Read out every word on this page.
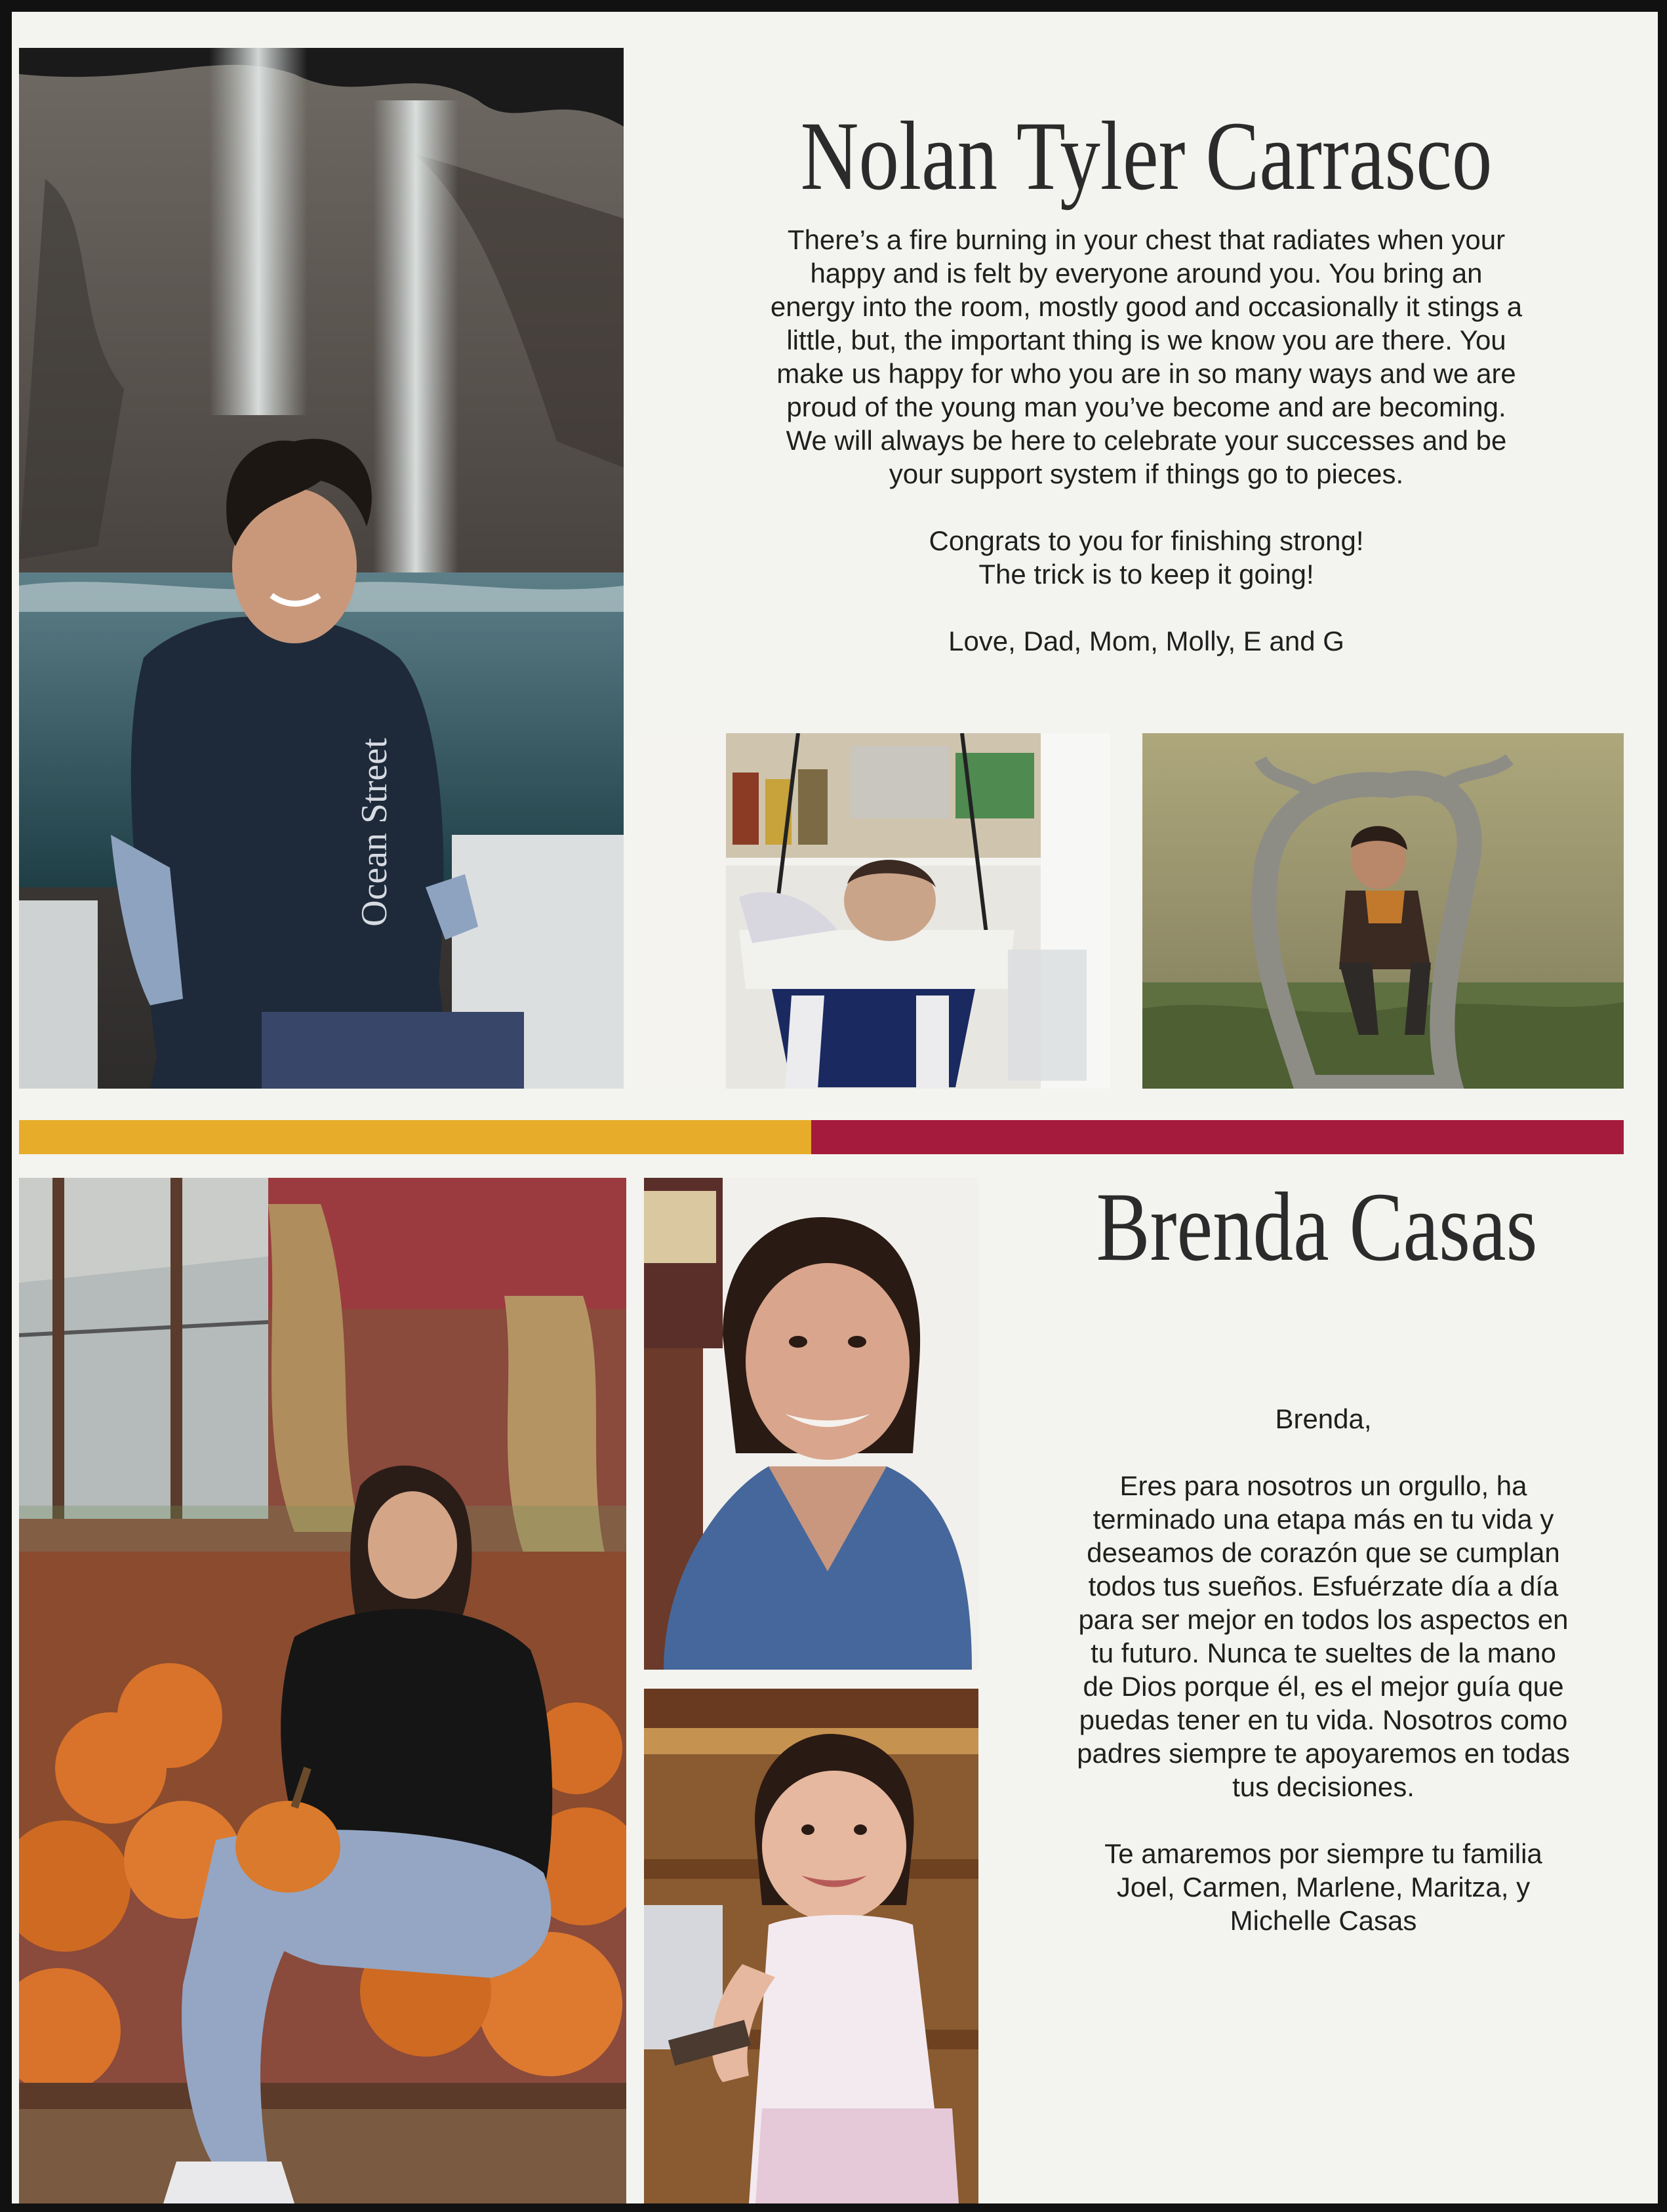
Ocean Street
Nolan Tyler Carrasco

There’s a fire burning in your chest that radiates when your
happy and is felt by everyone around you. You bring an
energy into the room, mostly good and occasionally it stings a
little, but, the important thing is we know you are there. You
make us happy for who you are in so many ways and we are
proud of the young man you’ve become and are becoming.
We will always be here to celebrate your successes and be
your support system if things go to pieces.

Congrats to you for finishing strong!
The trick is to keep it going!

Love, Dad, Mom, Molly, E and G

Brenda Casas

Brenda,

Eres para nosotros un orgullo, ha
terminado una etapa más en tu vida y
deseamos de corazón que se cumplan
todos tus sueños. Esfuérzate día a día
para ser mejor en todos los aspectos en
tu futuro. Nunca te sueltes de la mano
de Dios porque él, es el mejor guía que
puedas tener en tu vida. Nosotros como
padres siempre te apoyaremos en todas
tus decisiones.

Te amaremos por siempre tu familia
Joel, Carmen, Marlene, Maritza, y
Michelle Casas
